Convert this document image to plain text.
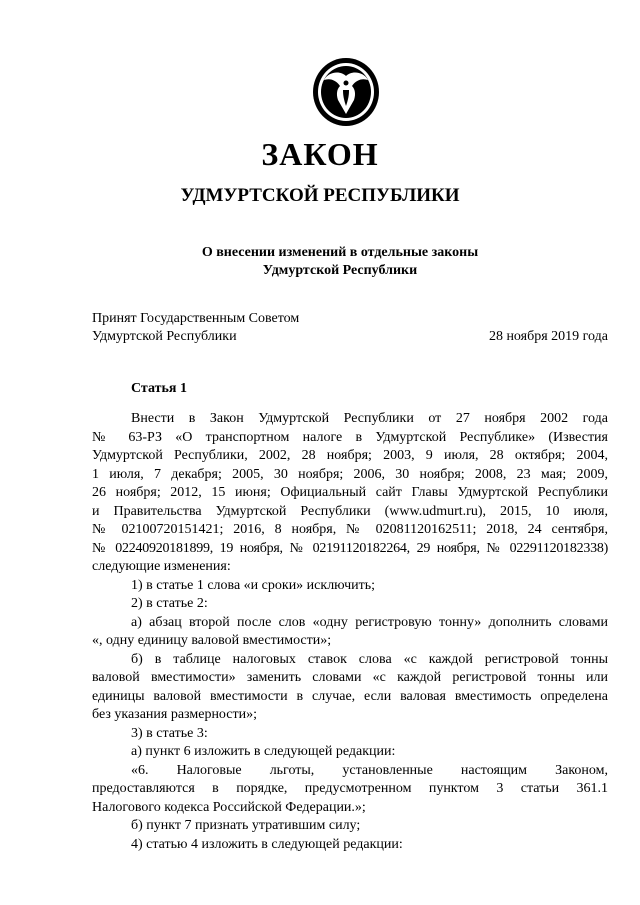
ЗАКОН
УДМУРТСКОЙ РЕСПУБЛИКИ
О внесении изменений в отдельные законы
Удмуртской Республики
Принят Государственным Советом
Удмуртской Республики	28 ноября 2019 года
Статья 1
Внести в Закон Удмуртской Республики от 27 ноября 2002 года
№ 63-РЗ «О транспортном налоге в Удмуртской Республике» (Известия
Удмуртской Республики, 2002, 28 ноября; 2003, 9 июля, 28 октября; 2004,
1 июля, 7 декабря; 2005, 30 ноября; 2006, 30 ноября; 2008, 23 мая; 2009,
26 ноября; 2012, 15 июня; Официальный сайт Главы Удмуртской Республики
и Правительства Удмуртской Республики (www.udmurt.ru), 2015, 10 июля,
№ 02100720151421; 2016, 8 ноября, № 02081120162511; 2018, 24 сентября,
№ 02240920181899, 19 ноября, № 02191120182264, 29 ноября, № 02291120182338)
следующие изменения:
1) в статье 1 слова «и сроки» исключить;
2) в статье 2:
а) абзац второй после слов «одну регистровую тонну» дополнить словами
«, одну единицу валовой вместимости»;
б) в таблице налоговых ставок слова «с каждой регистровой тонны
валовой вместимости» заменить словами «с каждой регистровой тонны или
единицы валовой вместимости в случае, если валовая вместимость определена
без указания размерности»;
3) в статье 3:
а) пункт 6 изложить в следующей редакции:
«6. Налоговые льготы, установленные настоящим Законом,
предоставляются в порядке, предусмотренном пунктом 3 статьи 361.1
Налогового кодекса Российской Федерации.»;
б) пункт 7 признать утратившим силу;
4) статью 4 изложить в следующей редакции:
